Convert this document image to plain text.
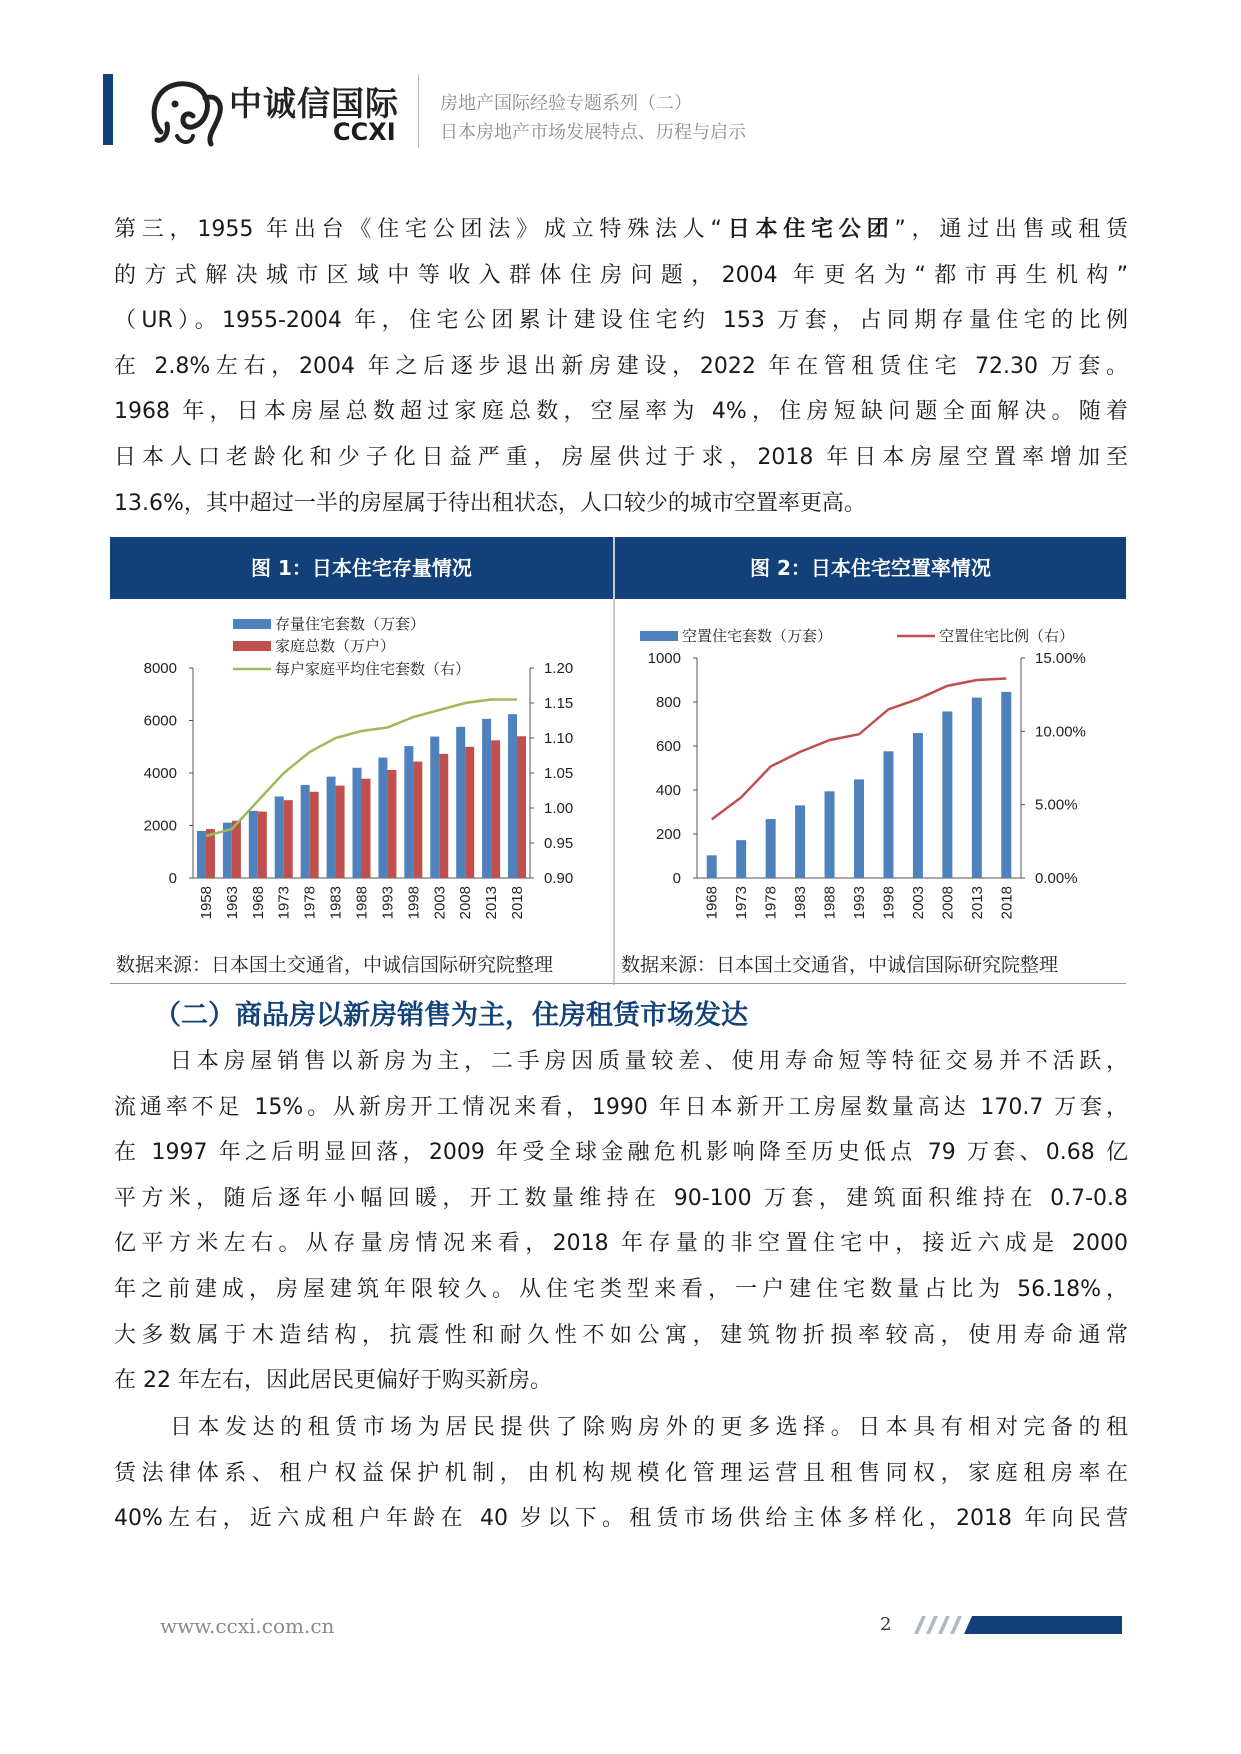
中诚信国际
CCXI
房地产国际经验专题系列（二）
日本房地产市场发展特点、历程与启示
第三，1955 年出台《住宅公团法》成立特殊法人“日本住宅公团”，通过出售或租赁
的方式解决城市区域中等收入群体住房问题，2004 年更名为“都市再生机构”
（UR）。1955-2004 年，住宅公团累计建设住宅约 153 万套，占同期存量住宅的比例
在 2.8%左右，2004 年之后逐步退出新房建设，2022 年在管租赁住宅 72.30 万套。
1968 年，日本房屋总数超过家庭总数，空屋率为 4%，住房短缺问题全面解决。随着
日本人口老龄化和少子化日益严重，房屋供过于求，2018 年日本房屋空置率增加至
13.6%，其中超过一半的房屋属于待出租状态，人口较少的城市空置率更高。
图 1：日本住宅存量情况	图 2：日本住宅空置率情况
0
2000
4000
6000
8000
0.90
0.95
1.00
1.05
1.10
1.15
1.20
1958 1963 1968 1973 1978 1983 1988 1993 1998 2003 2008 2013 2018
存量住宅套数（万套）
家庭总数（万户）
每户家庭平均住宅套数（右）
0
200
400
600
800
1000
0.00%
5.00%
10.00%
15.00%
1968 1973 1978 1983 1988 1993 1998 2003 2008 2013 2018
空置住宅套数（万套）	空置住宅比例（右）
数据来源：日本国土交通省，中诚信国际研究院整理	数据来源：日本国土交通省，中诚信国际研究院整理
（二）商品房以新房销售为主，住房租赁市场发达
日本房屋销售以新房为主，二手房因质量较差、使用寿命短等特征交易并不活跃，
流通率不足 15%。从新房开工情况来看，1990 年日本新开工房屋数量高达 170.7 万套，
在 1997 年之后明显回落，2009 年受全球金融危机影响降至历史低点 79 万套、0.68 亿
平方米，随后逐年小幅回暖，开工数量维持在 90-100 万套，建筑面积维持在 0.7-0.8
亿平方米左右。从存量房情况来看，2018 年存量的非空置住宅中，接近六成是 2000
年之前建成，房屋建筑年限较久。从住宅类型来看，一户建住宅数量占比为 56.18%，
大多数属于木造结构，抗震性和耐久性不如公寓，建筑物折损率较高，使用寿命通常
在 22 年左右，因此居民更偏好于购买新房。
日本发达的租赁市场为居民提供了除购房外的更多选择。日本具有相对完备的租
赁法律体系、租户权益保护机制，由机构规模化管理运营且租售同权，家庭租房率在
40%左右，近六成租户年龄在 40 岁以下。租赁市场供给主体多样化，2018 年向民营
www.ccxi.com.cn	2
